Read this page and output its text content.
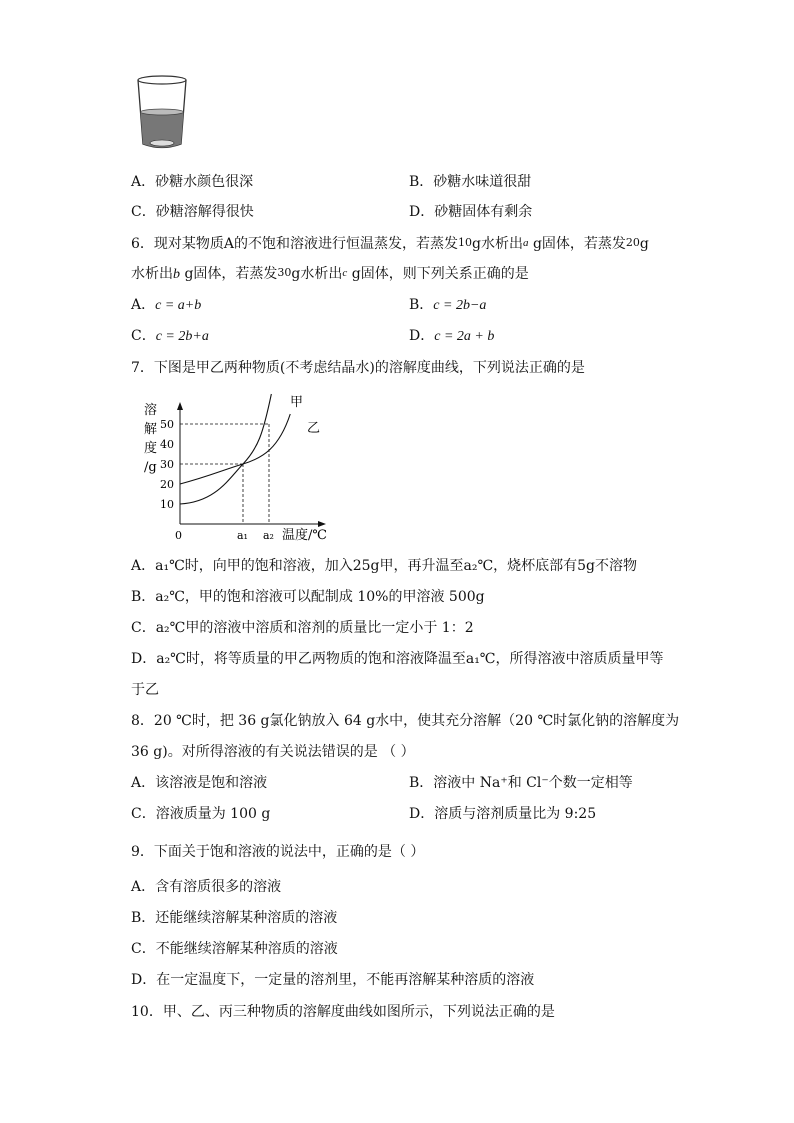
A．砂糖水颜色很深	B．砂糖水味道很甜
C．砂糖溶解得很快	D．砂糖固体有剩余
6．现对某物质A的不饱和溶液进行恒温蒸发，若蒸发10g水析出a g固体，若蒸发20g
水析出b g固体，若蒸发30g水析出c g固体，则下列关系正确的是
A．c = a+b	B．c = 2b−a
C．c = 2b+a	D．c = 2a + b
7．下图是甲乙两种物质(不考虑结晶水)的溶解度曲线，下列说法正确的是
溶
解
度
/g
温度/℃
0
10
20
30
40
50
a₁ a₂
甲
乙
A．a₁℃时，向甲的饱和溶液，加入25g甲，再升温至a₂℃，烧杯底部有5g不溶物
B．a₂℃，甲的饱和溶液可以配制成 10%的甲溶液 500g
C．a₂℃甲的溶液中溶质和溶剂的质量比一定小于 1：2
D．a₂℃时，将等质量的甲乙两物质的饱和溶液降温至a₁℃，所得溶液中溶质质量甲等
于乙
8．20 ℃时，把 36 g氯化钠放入 64 g水中，使其充分溶解（20 ℃时氯化钠的溶解度为
36 g)。对所得溶液的有关说法错误的是 （ ）
A．该溶液是饱和溶液	B．溶液中 Na⁺和 Cl⁻个数一定相等
C．溶液质量为 100 g	D．溶质与溶剂质量比为 9:25
9．下面关于饱和溶液的说法中，正确的是（ ）
A．含有溶质很多的溶液
B．还能继续溶解某种溶质的溶液
C．不能继续溶解某种溶质的溶液
D．在一定温度下，一定量的溶剂里，不能再溶解某种溶质的溶液
10．甲、乙、丙三种物质的溶解度曲线如图所示，下列说法正确的是
